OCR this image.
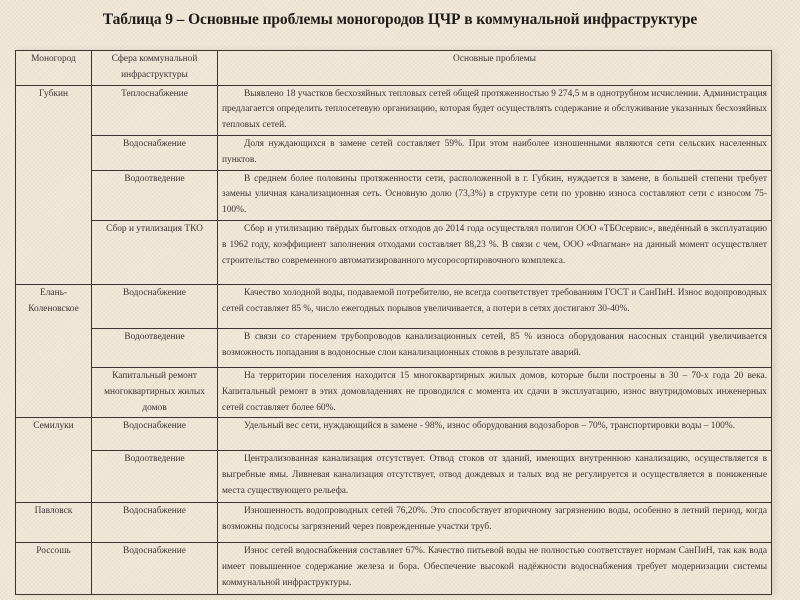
Таблица 9 – Основные проблемы моногородов ЦЧР в коммунальной инфраструктуре
Моногород	Сфера коммунальной инфраструктуры	Основные проблемы
Губкин	Теплоснабжение	Выявлено 18 участков бесхозяйных тепловых сетей общей протяженностью 9 274,5 м в однотрубном исчислении. Администрация предлагается определить теплосетевую организацию, которая будет осуществлять содержание и обслуживание указанных бесхозяйных тепловых сетей.
	Водоснабжение	Доля нуждающихся в замене сетей составляет 59%. При этом наиболее изношенными являются сети сельских населенных пунктов.
	Водоотведение	В среднем более половины протяженности сети, расположенной в г. Губкин, нуждается в замене, в большей степени требует замены уличная канализационная сеть. Основную долю (73,3%) в структуре сети по уровню износа составляют сети с износом 75-100%.
	Сбор и утилизация ТКО	Сбор и утилизацию твёрдых бытовых отходов до 2014 года осуществлял полигон ООО «ТБОсервис», введённый в эксплуатацию в 1962 году, коэффициент заполнения отходами составляет 88,23 %. В связи с чем, ООО «Флагман» на данный момент осуществляет строительство современного автоматизированного мусоросортировочного комплекса.
Елань-Коленовское	Водоснабжение	Качество холодной воды, подаваемой потребителю, не всегда соответствует требованиям ГОСТ и СанПиН. Износ водопроводных сетей составляет 85 %, число ежегодных порывов увеличивается, а потери в сетях достигают 30-40%.
	Водоотведение	В связи со старением трубопроводов канализационных сетей, 85 % износа оборудования насосных станций увеличивается возможность попадания в водоносные слои канализационных стоков в результате аварий.
	Капитальный ремонт многоквартирных жилых домов	На территории поселения находится 15 многоквартирных жилых домов, которые были построены в 30 – 70-х года 20 века. Капитальный ремонт в этих домовладениях не проводился с момента их сдачи в эксплуатацию, износ внутридомовых инженерных сетей составляет более 60%.
Семилуки	Водоснабжение	Удельный вес сети, нуждающийся в замене - 98%, износ оборудования водозаборов – 70%, транспортировки воды – 100%.
	Водоотведение	Централизованная канализация отсутствует. Отвод стоков от зданий, имеющих внутреннюю канализацию, осуществляется в выгребные ямы. Ливневая канализация отсутствует, отвод дождевых и талых вод не регулируется и осуществляется в пониженные места существующего рельефа.
Павловск	Водоснабжение	Изношенность водопроводных сетей 76,20%. Это способствует вторичному загрязнению воды, особенно в летний период, когда возможны подсосы загрязнений через поврежденные участки труб.
Россошь	Водоснабжение	Износ сетей водоснабжения составляет 67%. Качество питьевой воды не полностью соответствует нормам СанПиН, так как вода имеет повышенное содержание железа и бора. Обеспечение высокой надёжности водоснабжения требует модернизации системы коммунальной инфраструктуры.
